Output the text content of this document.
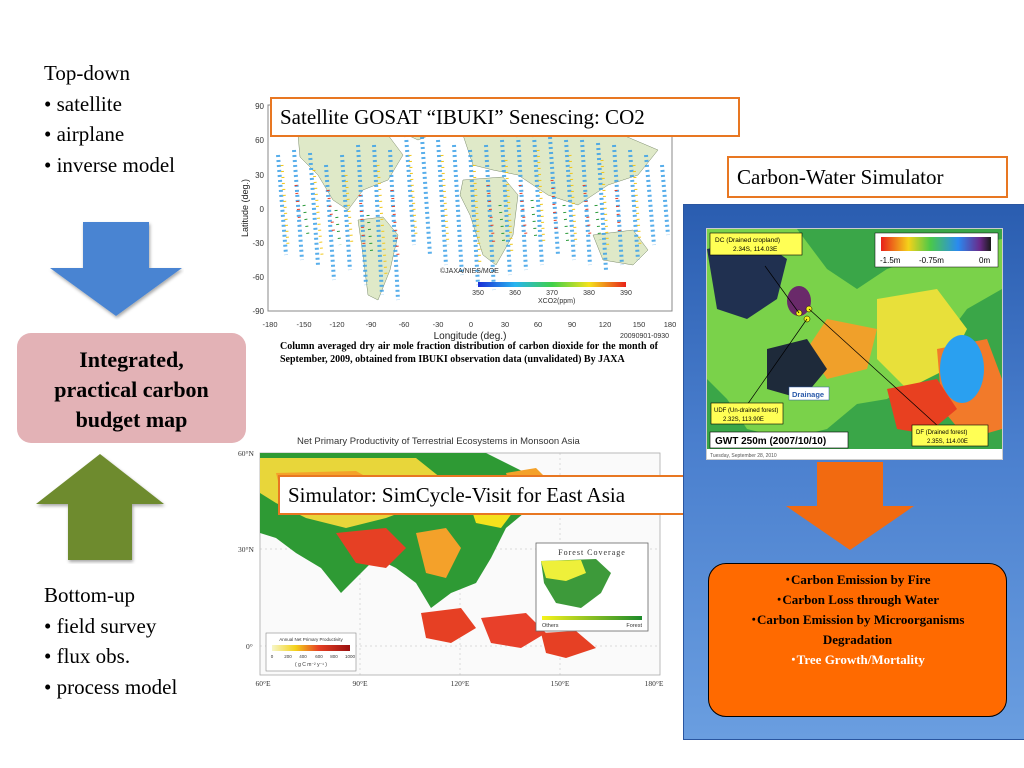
Top-down
• satellite
• airplane
• inverse model
Integrated,
practical carbon
budget map
Bottom-up
• field survey
• flux obs.
• process model
90
60
30
0
-30
-60
-90
Latitude (deg.)
-180	-150 -120	-90	-60	-30	0	30	60	90	120	150 180
Longitude (deg.)
©JAXA/NIES/MOE
350	360	370	380	390
XCO2(ppm)
20090901-0930
Satellite GOSAT “IBUKI” Senescing: CO2
Column averaged dry air mole fraction distribution of carbon dioxide for the month of September, 2009, obtained from IBUKI observation data (unvalidated) By JAXA
Net Primary Productivity of Terrestrial Ecosystems in Monsoon Asia
Forest Coverage
Others	Forest
Annual Net Primary Productivity
0 200 400 600 800 1000
( g C m⁻² y⁻¹ )
60°N
30°N
0°
60°E	90°E	120°E	150°E	180°E
Simulator: SimCycle-Visit for East Asia
Carbon-Water Simulator
DC (Drained cropland)
2.34S, 114.03E
-1.5m -0.75m	0m
Drainage
UDF (Un-drained forest)
2.32S, 113.90E
DF (Drained forest)
2.35S, 114.00E
GWT 250m (2007/10/10)
Tuesday, September 28, 2010
･Carbon Emission by Fire
･Carbon Loss through Water
･Carbon Emission by Microorganisms
Degradation
･Tree Growth/Mortality
